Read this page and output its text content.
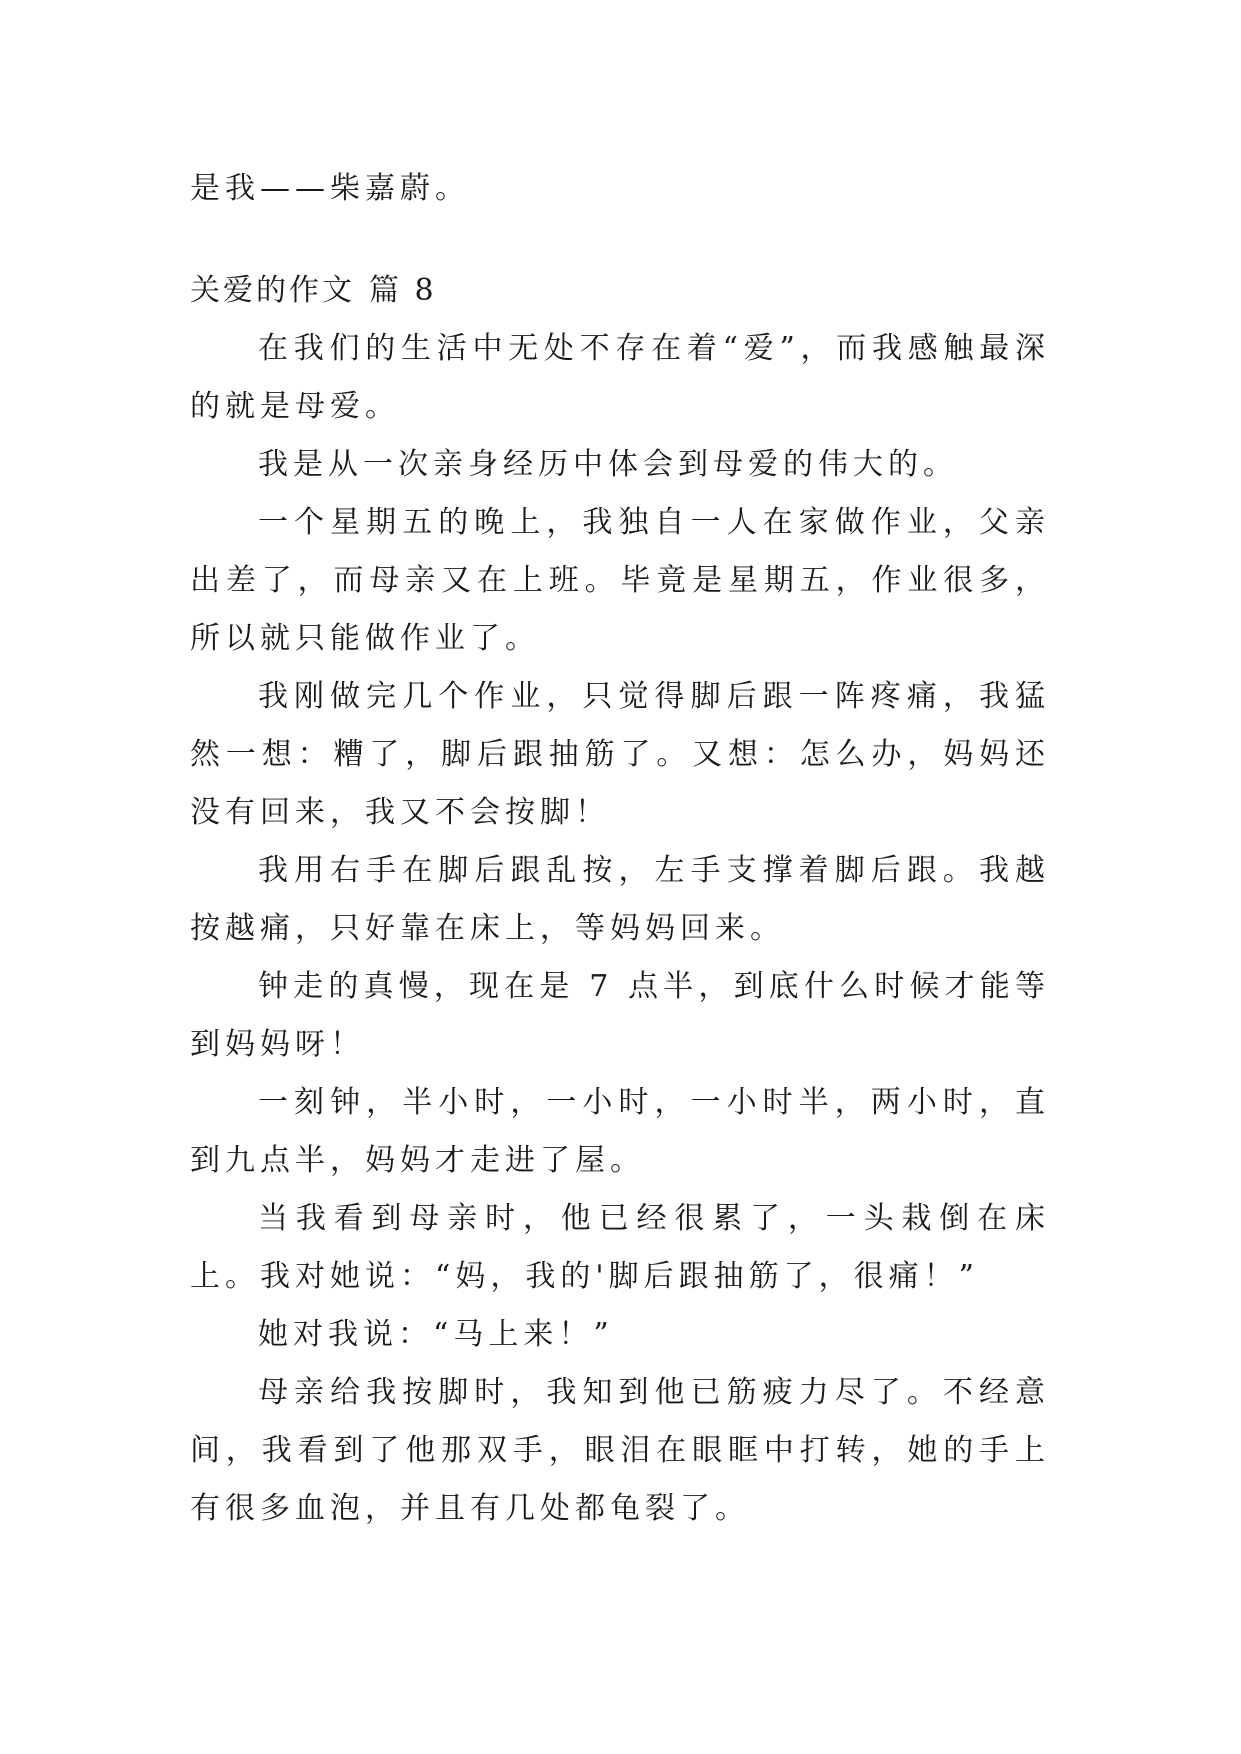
是我——柴嘉蔚。

关爱的作文 篇 8

在我们的生活中无处不存在着“爱”，而我感触最深的就是母爱。

我是从一次亲身经历中体会到母爱的伟大的。

一个星期五的晚上，我独自一人在家做作业，父亲出差了，而母亲又在上班。毕竟是星期五，作业很多，所以就只能做作业了。

我刚做完几个作业，只觉得脚后跟一阵疼痛，我猛然一想：糟了，脚后跟抽筋了。又想：怎么办，妈妈还没有回来，我又不会按脚！

我用右手在脚后跟乱按，左手支撑着脚后跟。我越按越痛，只好靠在床上，等妈妈回来。

钟走的真慢，现在是 7 点半，到底什么时候才能等到妈妈呀！

一刻钟，半小时，一小时，一小时半，两小时，直到九点半，妈妈才走进了屋。

当我看到母亲时，他已经很累了，一头栽倒在床上。我对她说：“妈，我的'脚后跟抽筋了，很痛！”

她对我说：“马上来！”

母亲给我按脚时，我知到他已筋疲力尽了。不经意间，我看到了他那双手，眼泪在眼眶中打转，她的手上有很多血泡，并且有几处都龟裂了。
